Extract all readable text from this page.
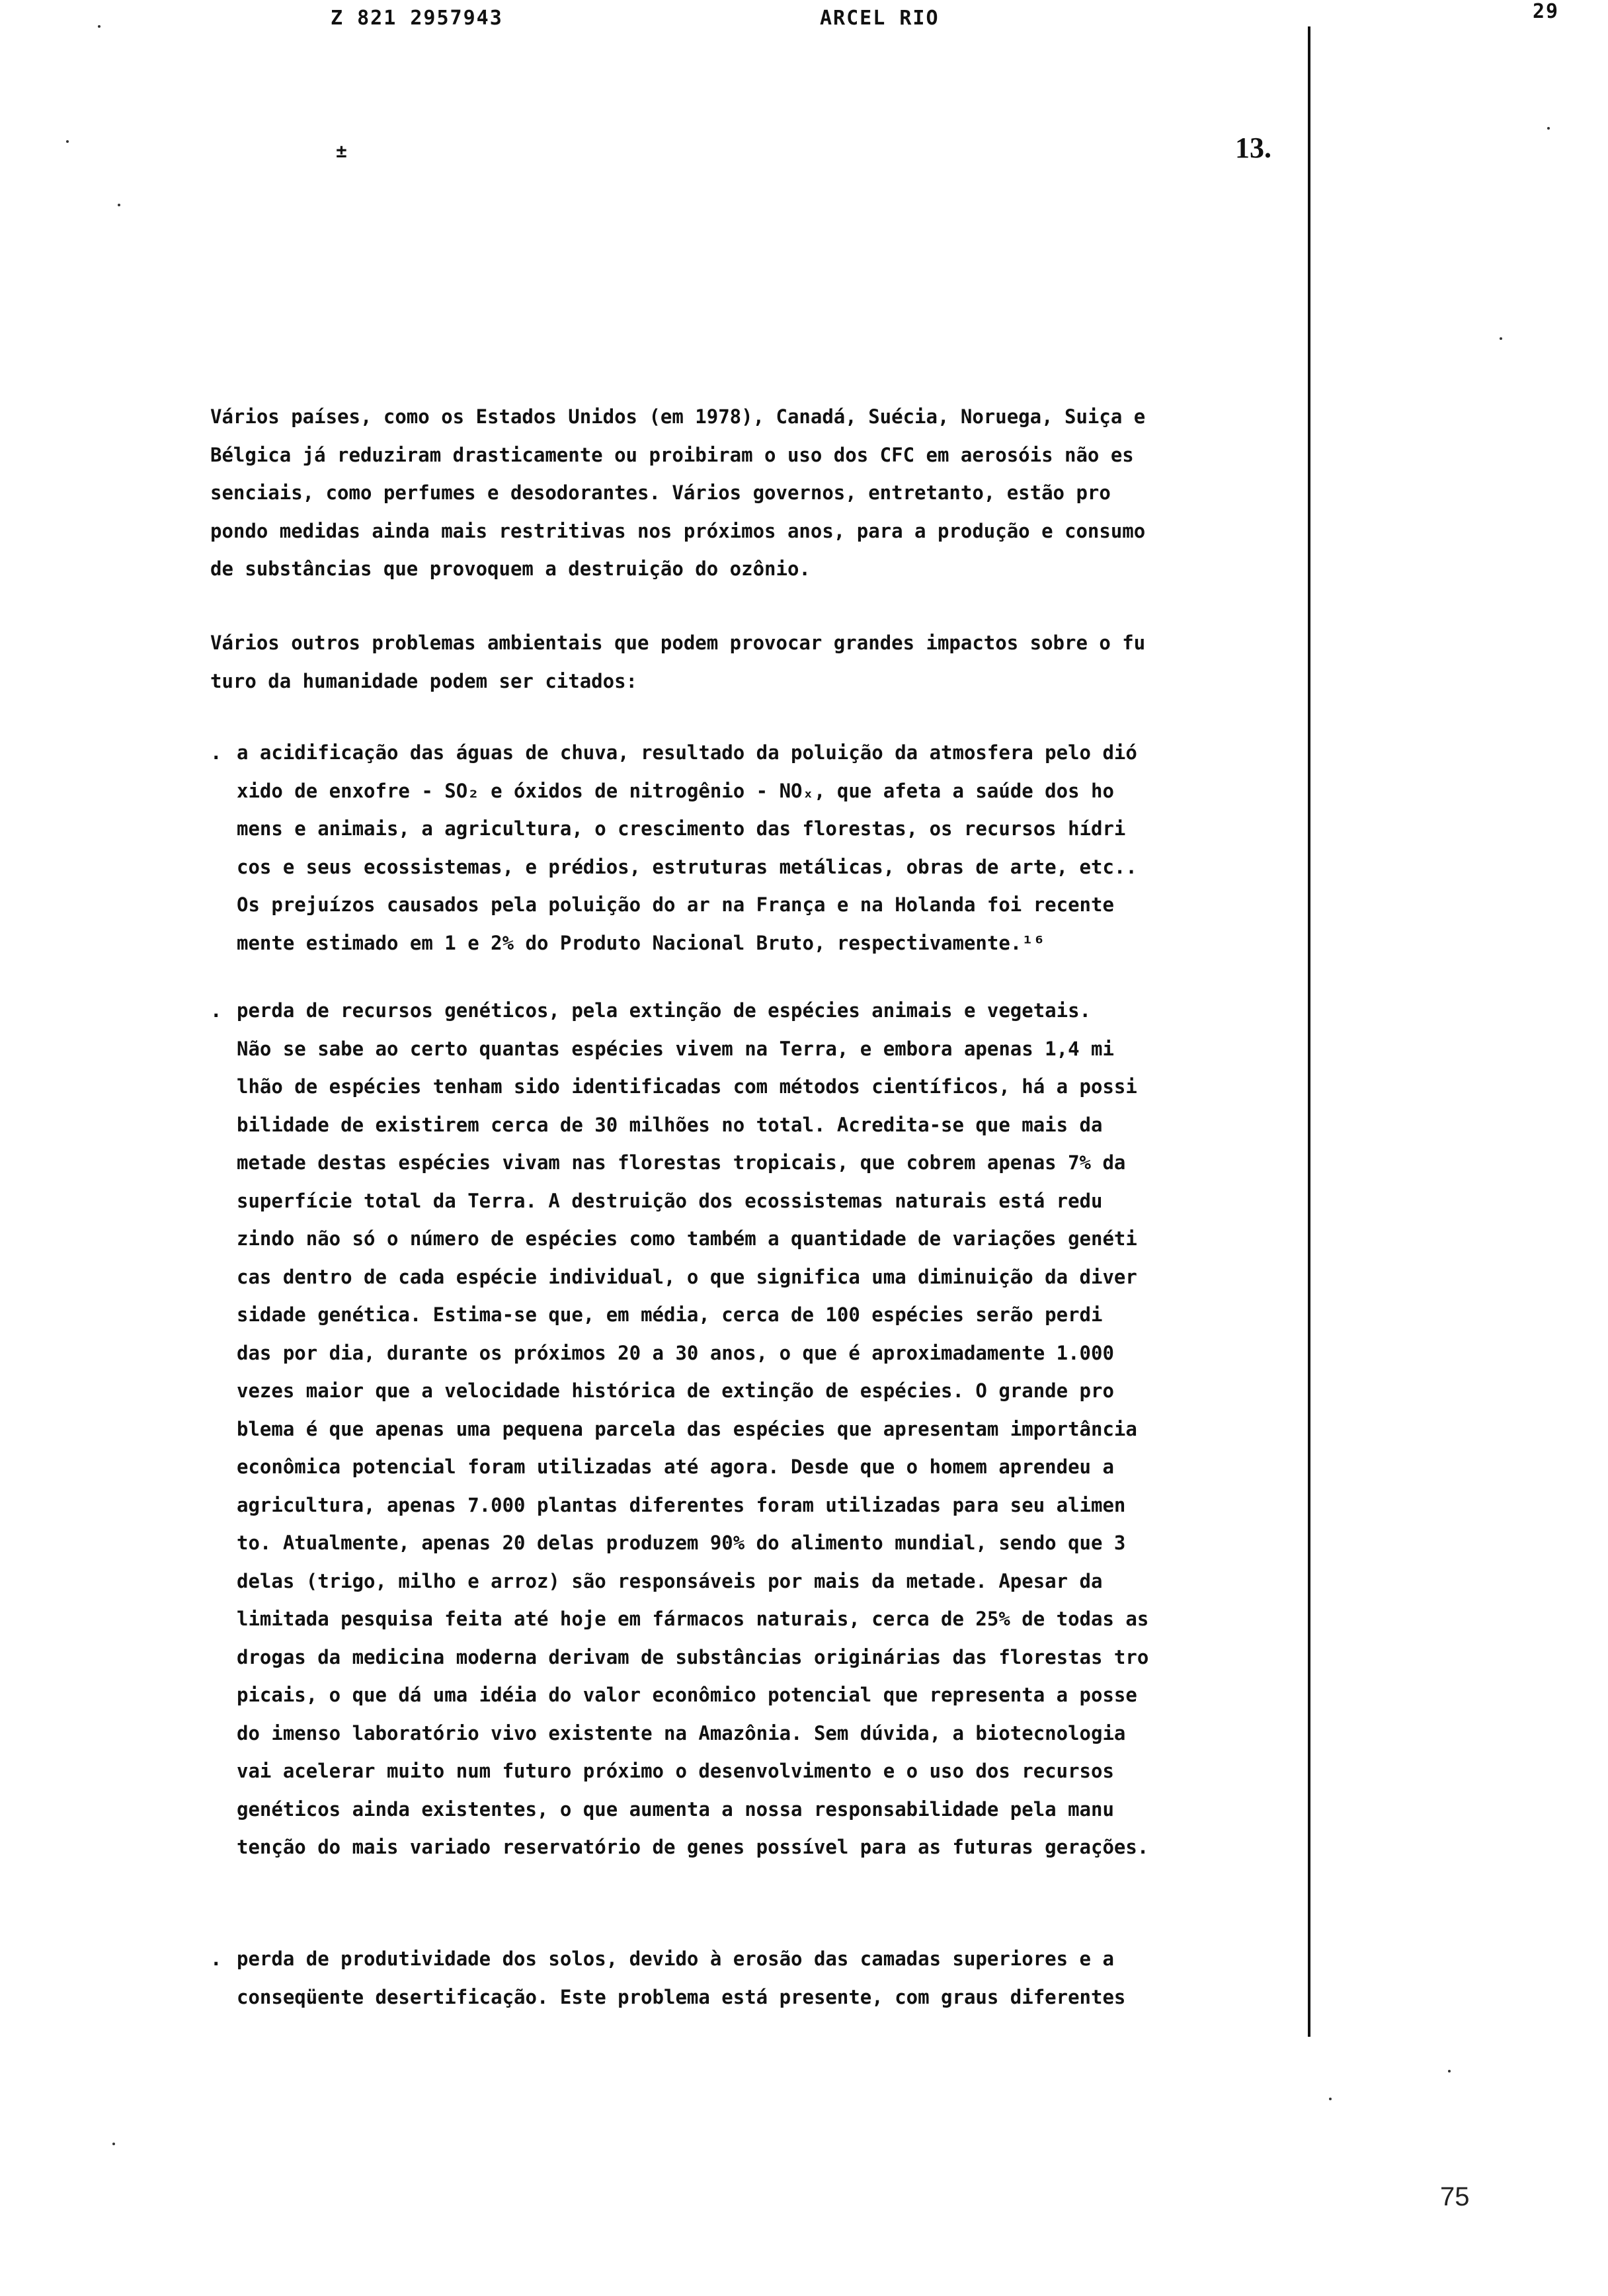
Z 821 2957943	ARCEL RIO	29
±	13.

Vários países, como os Estados Unidos (em 1978), Canadá, Suécia, Noruega, Suiça e

Bélgica já reduziram drasticamente ou proibiram o uso dos CFC em aerosóis não es

senciais, como perfumes e desodorantes. Vários governos, entretanto, estão pro

pondo medidas ainda mais restritivas nos próximos anos, para a produção e consumo

de substâncias que provoquem a destruição do ozônio.

Vários outros problemas ambientais que podem provocar grandes impactos sobre o fu

turo da humanidade podem ser citados:

. a acidificação das águas de chuva, resultado da poluição da atmosfera pelo dió

xido de enxofre - SO₂ e óxidos de nitrogênio - NOₓ, que afeta a saúde dos ho

mens e animais, a agricultura, o crescimento das florestas, os recursos hídri

cos e seus ecossistemas, e prédios, estruturas metálicas, obras de arte, etc..

Os prejuízos causados pela poluição do ar na França e na Holanda foi recente

mente estimado em 1 e 2% do Produto Nacional Bruto, respectivamente.¹⁶

. perda de recursos genéticos, pela extinção de espécies animais e vegetais.

Não se sabe ao certo quantas espécies vivem na Terra, e embora apenas 1,4 mi

lhão de espécies tenham sido identificadas com métodos científicos, há a possi

bilidade de existirem cerca de 30 milhões no total. Acredita-se que mais da

metade destas espécies vivam nas florestas tropicais, que cobrem apenas 7% da

superfície total da Terra. A destruição dos ecossistemas naturais está redu

zindo não só o número de espécies como também a quantidade de variações genéti

cas dentro de cada espécie individual, o que significa uma diminuição da diver

sidade genética. Estima-se que, em média, cerca de 100 espécies serão perdi

das por dia, durante os próximos 20 a 30 anos, o que é aproximadamente 1.000

vezes maior que a velocidade histórica de extinção de espécies. O grande pro

blema é que apenas uma pequena parcela das espécies que apresentam importância

econômica potencial foram utilizadas até agora. Desde que o homem aprendeu a

agricultura, apenas 7.000 plantas diferentes foram utilizadas para seu alimen

to. Atualmente, apenas 20 delas produzem 90% do alimento mundial, sendo que 3

delas (trigo, milho e arroz) são responsáveis por mais da metade. Apesar da

limitada pesquisa feita até hoje em fármacos naturais, cerca de 25% de todas as

drogas da medicina moderna derivam de substâncias originárias das florestas tro

picais, o que dá uma idéia do valor econômico potencial que representa a posse

do imenso laboratório vivo existente na Amazônia. Sem dúvida, a biotecnologia

vai acelerar muito num futuro próximo o desenvolvimento e o uso dos recursos

genéticos ainda existentes, o que aumenta a nossa responsabilidade pela manu

tenção do mais variado reservatório de genes possível para as futuras gerações.

. perda de produtividade dos solos, devido à erosão das camadas superiores e a

conseqüente desertificação. Este problema está presente, com graus diferentes

75
